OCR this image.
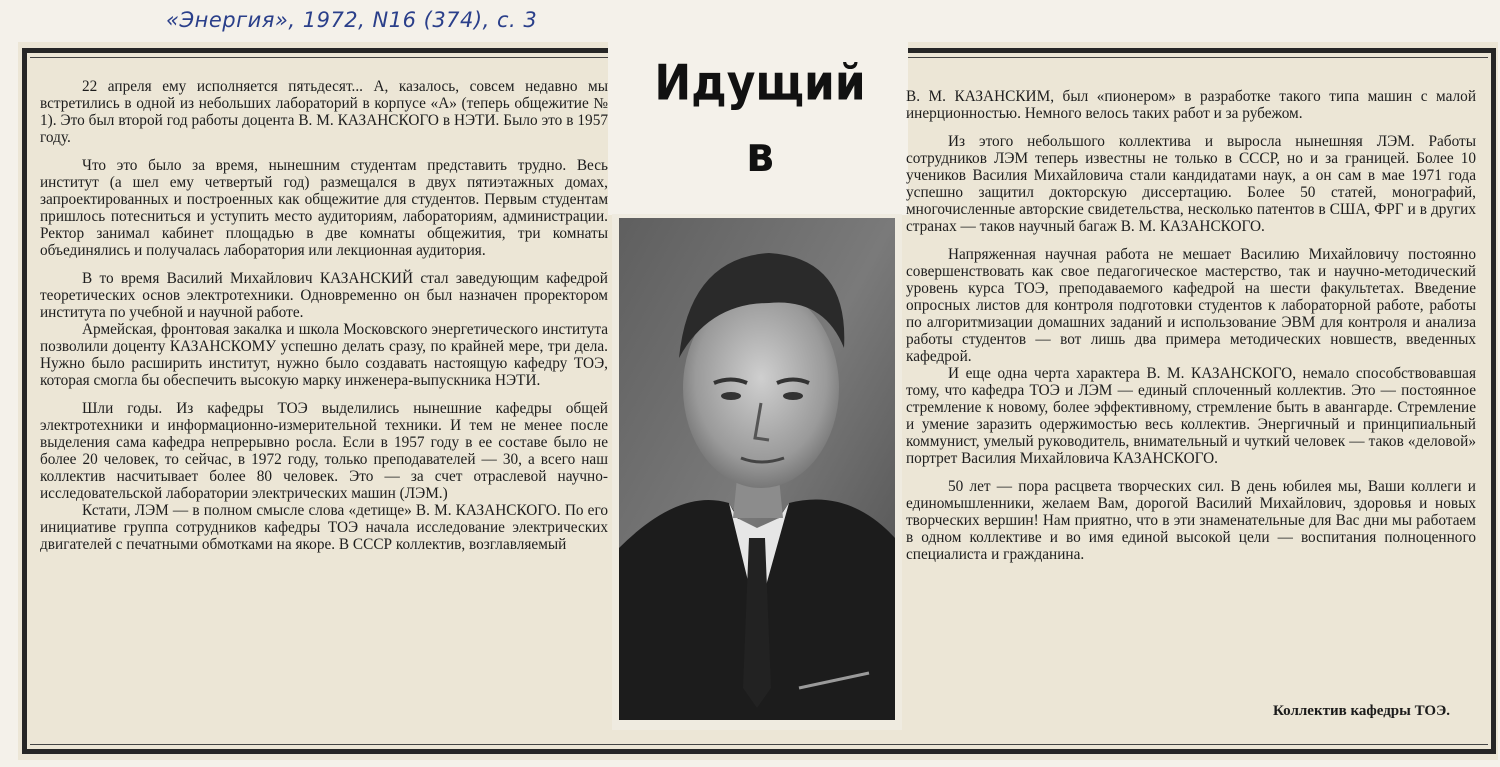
«Энергия», 1972, N16 (374), с. 3
Идущий
в

22 апреля ему исполняется пятьдесят... А, казалось, совсем недавно мы встретились в одной из небольших лабораторий в корпусе «А» (теперь общежитие № 1). Это был второй год работы доцента В. М. КАЗАНСКОГО в НЭТИ. Было это в 1957 году.

Что это было за время, нынешним студентам представить трудно. Весь институт (а шел ему четвертый год) размещался в двух пятиэтажных домах, запроектированных и построенных как общежитие для студентов. Первым студентам пришлось потесниться и уступить место аудиториям, лабораториям, администрации. Ректор занимал кабинет площадью в две комнаты общежития, три комнаты объединялись и получалась лаборатория или лекционная аудитория.

В то время Василий Михайлович КАЗАНСКИЙ стал заведующим кафедрой теоретических основ электротехники. Одновременно он был назначен проректором института по учебной и научной работе.

Армейская, фронтовая закалка и школа Московского энергетического института позволили доценту КАЗАНСКОМУ успешно делать сразу, по крайней мере, три дела. Нужно было расширить институт, нужно было создавать настоящую кафедру ТОЭ, которая смогла бы обеспечить высокую марку инженера-выпускника НЭТИ.

Шли годы. Из кафедры ТОЭ выделились нынешние кафедры общей электротехники и информационно-измерительной техники. И тем не менее после выделения сама кафедра непрерывно росла. Если в 1957 году в ее составе было не более 20 человек, то сейчас, в 1972 году, только преподавателей — 30, а всего наш коллектив насчитывает более 80 человек. Это — за счет отраслевой научно-исследовательской лаборатории электрических машин (ЛЭМ.)

Кстати, ЛЭМ — в полном смысле слова «детище» В. М. КАЗАНСКОГО. По его инициативе группа сотрудников кафедры ТОЭ начала исследование электрических двигателей с печатными обмотками на якоре. В СССР коллектив, возглавляемый

В. М. КАЗАНСКИМ, был «пионером» в разработке такого типа машин с малой инерционностью. Немного велось таких работ и за рубежом.

Из этого небольшого коллектива и выросла нынешняя ЛЭМ. Работы сотрудников ЛЭМ теперь известны не только в СССР, но и за границей. Более 10 учеников Василия Михайловича стали кандидатами наук, а он сам в мае 1971 года успешно защитил докторскую диссертацию. Более 50 статей, монографий, многочисленные авторские свидетельства, несколько патентов в США, ФРГ и в других странах — таков научный багаж В. М. КАЗАНСКОГО.

Напряженная научная работа не мешает Василию Михайловичу постоянно совершенствовать как свое педагогическое мастерство, так и научно-методический уровень курса ТОЭ, преподаваемого кафедрой на шести факультетах. Введение опросных листов для контроля подготовки студентов к лабораторной работе, работы по алгоритмизации домашних заданий и использование ЭВМ для контроля и анализа работы студентов — вот лишь два примера методических новшеств, введенных кафедрой.

И еще одна черта характера В. М. КАЗАНСКОГО, немало способствовавшая тому, что кафедра ТОЭ и ЛЭМ — единый сплоченный коллектив. Это — постоянное стремление к новому, более эффективному, стремление быть в авангарде. Стремление и умение заразить одержимостью весь коллектив. Энергичный и принципиальный коммунист, умелый руководитель, внимательный и чуткий человек — таков «деловой» портрет Василия Михайловича КАЗАНСКОГО.

50 лет — пора расцвета творческих сил. В день юбилея мы, Ваши коллеги и единомышленники, желаем Вам, дорогой Василий Михайлович, здоровья и новых творческих вершин! Нам приятно, что в эти знаменательные для Вас дни мы работаем в одном коллективе и во имя единой высокой цели — воспитания полноценного специалиста и гражданина.

Коллектив кафедры ТОЭ.
